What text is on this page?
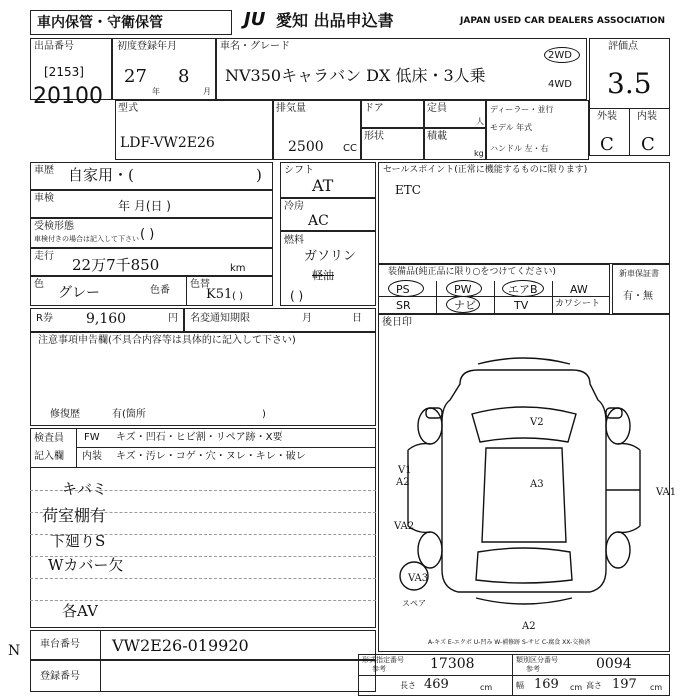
車内保管・守衛保管	JU 愛知 出品申込書	JAPAN USED CAR DEALERS ASSOCIATION
出品番号
[2153]
20100
初度登録年月
27 8
年	月
車名・グレード
NV350キャラバン DX 低床・3人乗
2WD
4WD
評価点
3.5
外装 内装
C C
型式
LDF-VW2E26
排気量
2500 CC
ドア	定員
人
形状	積載
kg
ディーラー・並行
モデル 年式
ハンドル 左・右
車歴 自家用・(	)
車検
年 月(日 )
受検形態
車検付きの場合は記入して下さい ( )
走行 22万7千850	km
色
グレー	色番
色替
K51 ( )
シフト
AT
冷房
AC
燃料
ガソリン
軽油
( )
セールスポイント(正常に機能するものに限ります)
ETC
装備品(純正品に限り○をつけてください)
PS	PW	エアB	AW
SR	ナビ	TV	カワシート
新車保証書
有・無
R券 9,160	円 名変通知期限	月	日 後日印
注意事項申告欄(不具合内容等は具体的に記入して下さい)
修復歴	有(箇所	)
検査員
記入欄
FW キズ・凹石・ヒビ割・リペア跡・X要
内装 キズ・汚レ・コゲ・穴・ヌレ・キレ・破レ
キバミ
荷室棚有
下廻りS
Wカバー欠
各AV
V2
V1
A2	A3
VA2
VA1
VA3
A2
スペア
A-キズ E-エクボ U-凹み W-補修跡 S-サビ C-腐食 XX-交換済
N 車台番号 VW2E26-019920
登録番号
形式指定番号
参考	17308	類別区分番号
参考	0094
長さ 469	cm	幅 169 cm 高さ 197 cm
